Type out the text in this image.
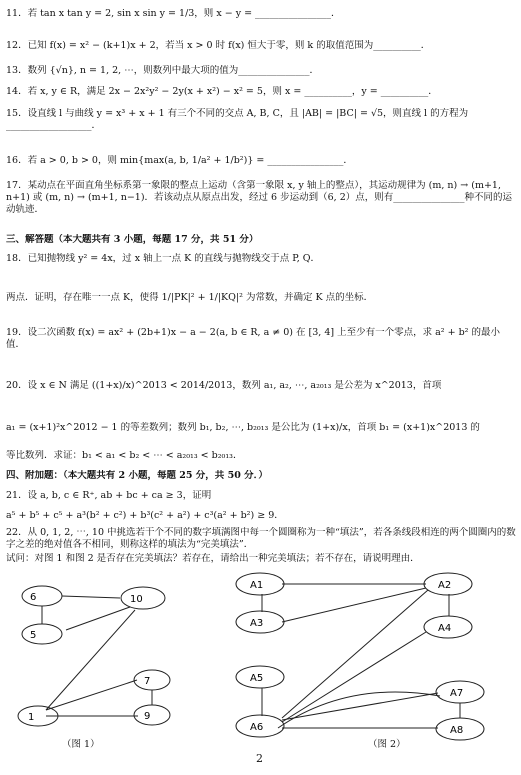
11．若 tan x tan y = 2, sin x sin y = 1/3，则 x − y = ________________．
12．已知 f(x) = x² − (k+1)x + 2，若当 x > 0 时 f(x) 恒大于零，则 k 的取值范围为__________．
13．数列 {√n}, n = 1, 2, ⋯，则数列中最大项的值为_______________．
14．若 x, y ∈ R，满足 2x − 2x²y² − 2y(x + x²) − x² = 5，则 x = __________，y = __________．
15．设直线 l 与曲线 y = x³ + x + 1 有三个不同的交点 A, B, C，且 |AB| = |BC| = √5，则直线 l 的方程为__________________．
16．若 a > 0, b > 0，则 min{max(a, b, 1/a² + 1/b²)} = ________________．
17．某动点在平面直角坐标系第一象限的整点上运动（含第一象限 x, y 轴上的整点），其运动规律为 (m, n) → (m+1, n+1) 或 (m, n) → (m+1, n−1)．若该动点从原点出发，经过 6 步运动到（6, 2）点，则有_______________种不同的运动轨迹．
三、解答题（本大题共有 3 小题，每题 17 分，共 51 分）
18．已知抛物线 y² = 4x，过 x 轴上一点 K 的直线与抛物线交于点 P, Q．
两点．证明，存在唯一一点 K，使得 1/|PK|² + 1/|KQ|² 为常数，并确定 K 点的坐标．
19．设二次函数 f(x) = ax² + (2b+1)x − a − 2(a, b ∈ R, a ≠ 0) 在 [3, 4] 上至少有一个零点，求 a² + b² 的最小值．
20．设 x ∈ N 满足 ((1+x)/x)^2013 < 2014/2013，数列 a₁, a₂, ⋯, a₂₀₁₃ 是公差为 x^2013，首项
a₁ = (x+1)²x^2012 − 1 的等差数列；数列 b₁, b₂, ⋯, b₂₀₁₃ 是公比为 (1+x)/x，首项 b₁ = (x+1)x^2013 的
等比数列．求证：b₁ < a₁ < b₂ < ⋯ < a₂₀₁₃ < b₂₀₁₃．
四、附加题：（本大题共有 2 小题，每题 25 分，共 50 分．）
21．设 a, b, c ∈ R⁺, ab + bc + ca ≥ 3，证明
a⁵ + b⁵ + c⁵ + a³(b² + c²) + b³(c² + a²) + c³(a² + b²) ≥ 9．
22．从 0, 1, 2, ⋯, 10 中挑选若干个不同的数字填满图中每一个圆圈称为一种“填法”，若各条线段相连的两个圆圈内的数字之差的绝对值各不相同，则称这样的填法为“完美填法”．
试问：对图 1 和图 2 是否存在完美填法？若存在，请给出一种完美填法；若不存在，请说明理由．
6	10
5
7
1	9
（图 1）
A1	A2
A3	A4
A5
A7
A6	A8
（图 2）
2
